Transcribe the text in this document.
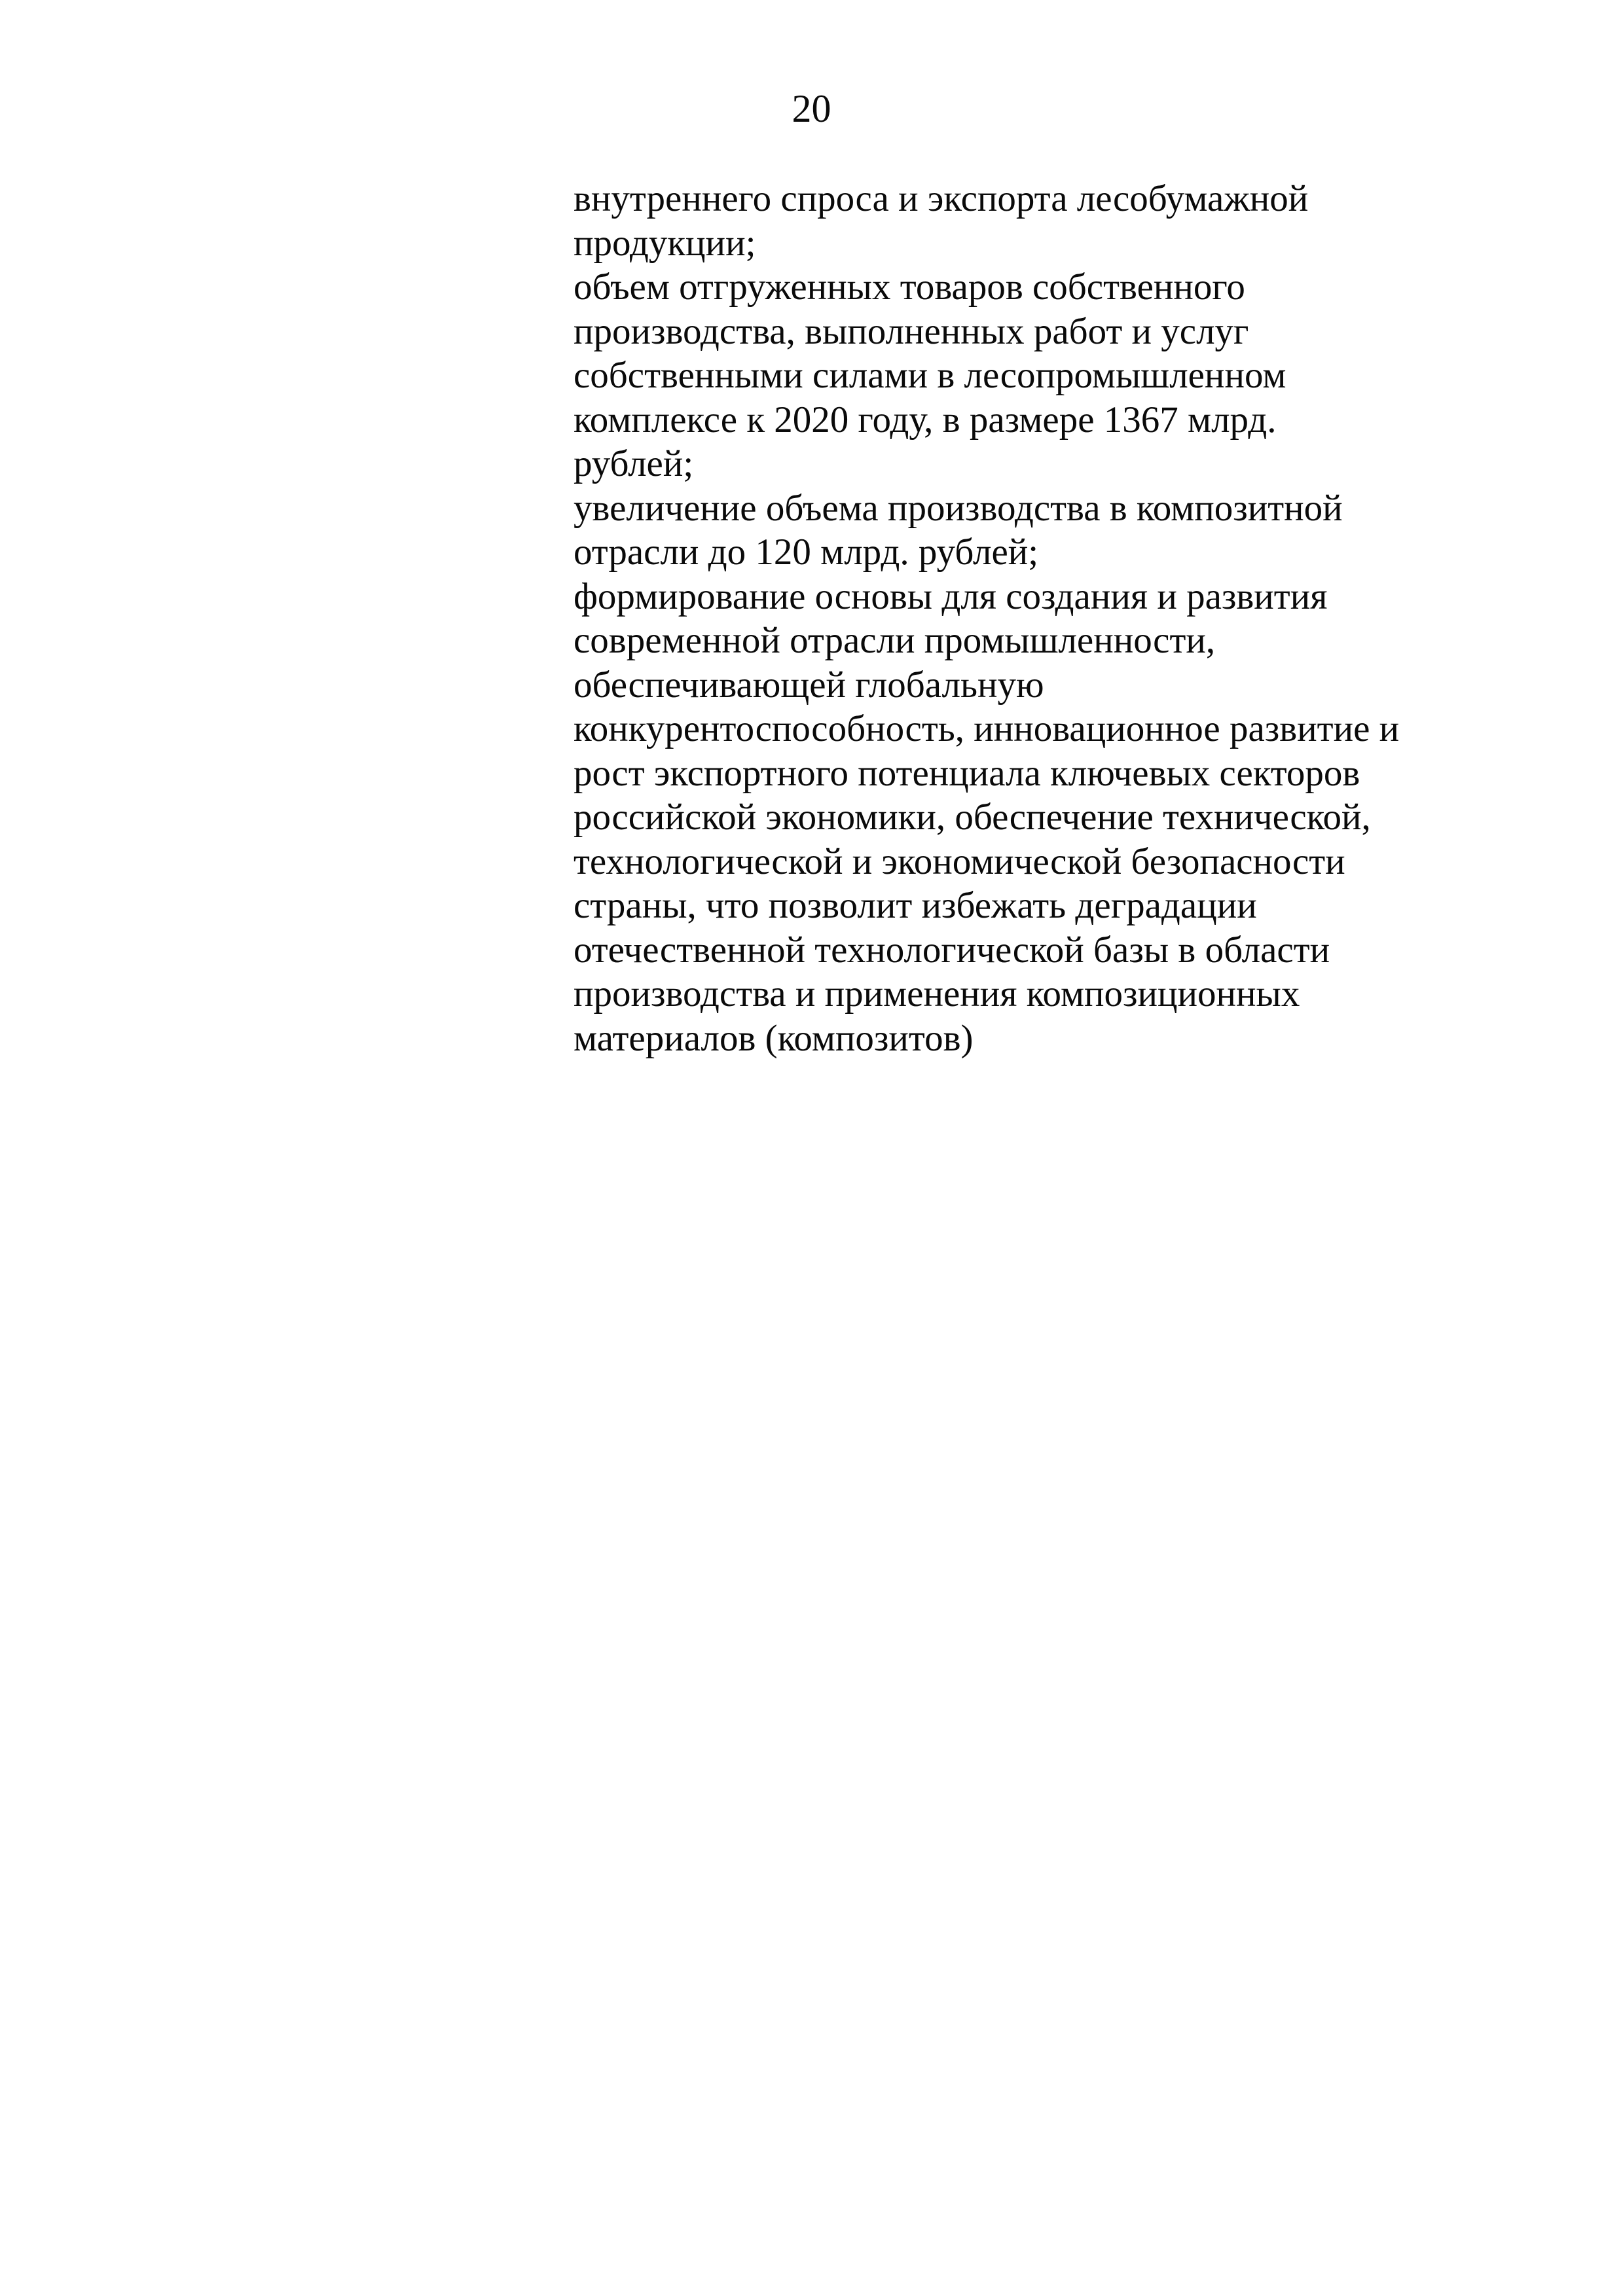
20
внутреннего спроса и экспорта лесобумажной
продукции;
объем отгруженных товаров собственного
производства, выполненных работ и услуг
собственными силами в лесопромышленном
комплексе к 2020 году, в размере 1367 млрд.
рублей;
увеличение объема производства в композитной
отрасли до 120 млрд. рублей;
формирование основы для создания и развития
современной отрасли промышленности,
обеспечивающей глобальную
конкурентоспособность, инновационное развитие и
рост экспортного потенциала ключевых секторов
российской экономики, обеспечение технической,
технологической и экономической безопасности
страны, что позволит избежать деградации
отечественной технологической базы в области
производства и применения композиционных
материалов (композитов)
